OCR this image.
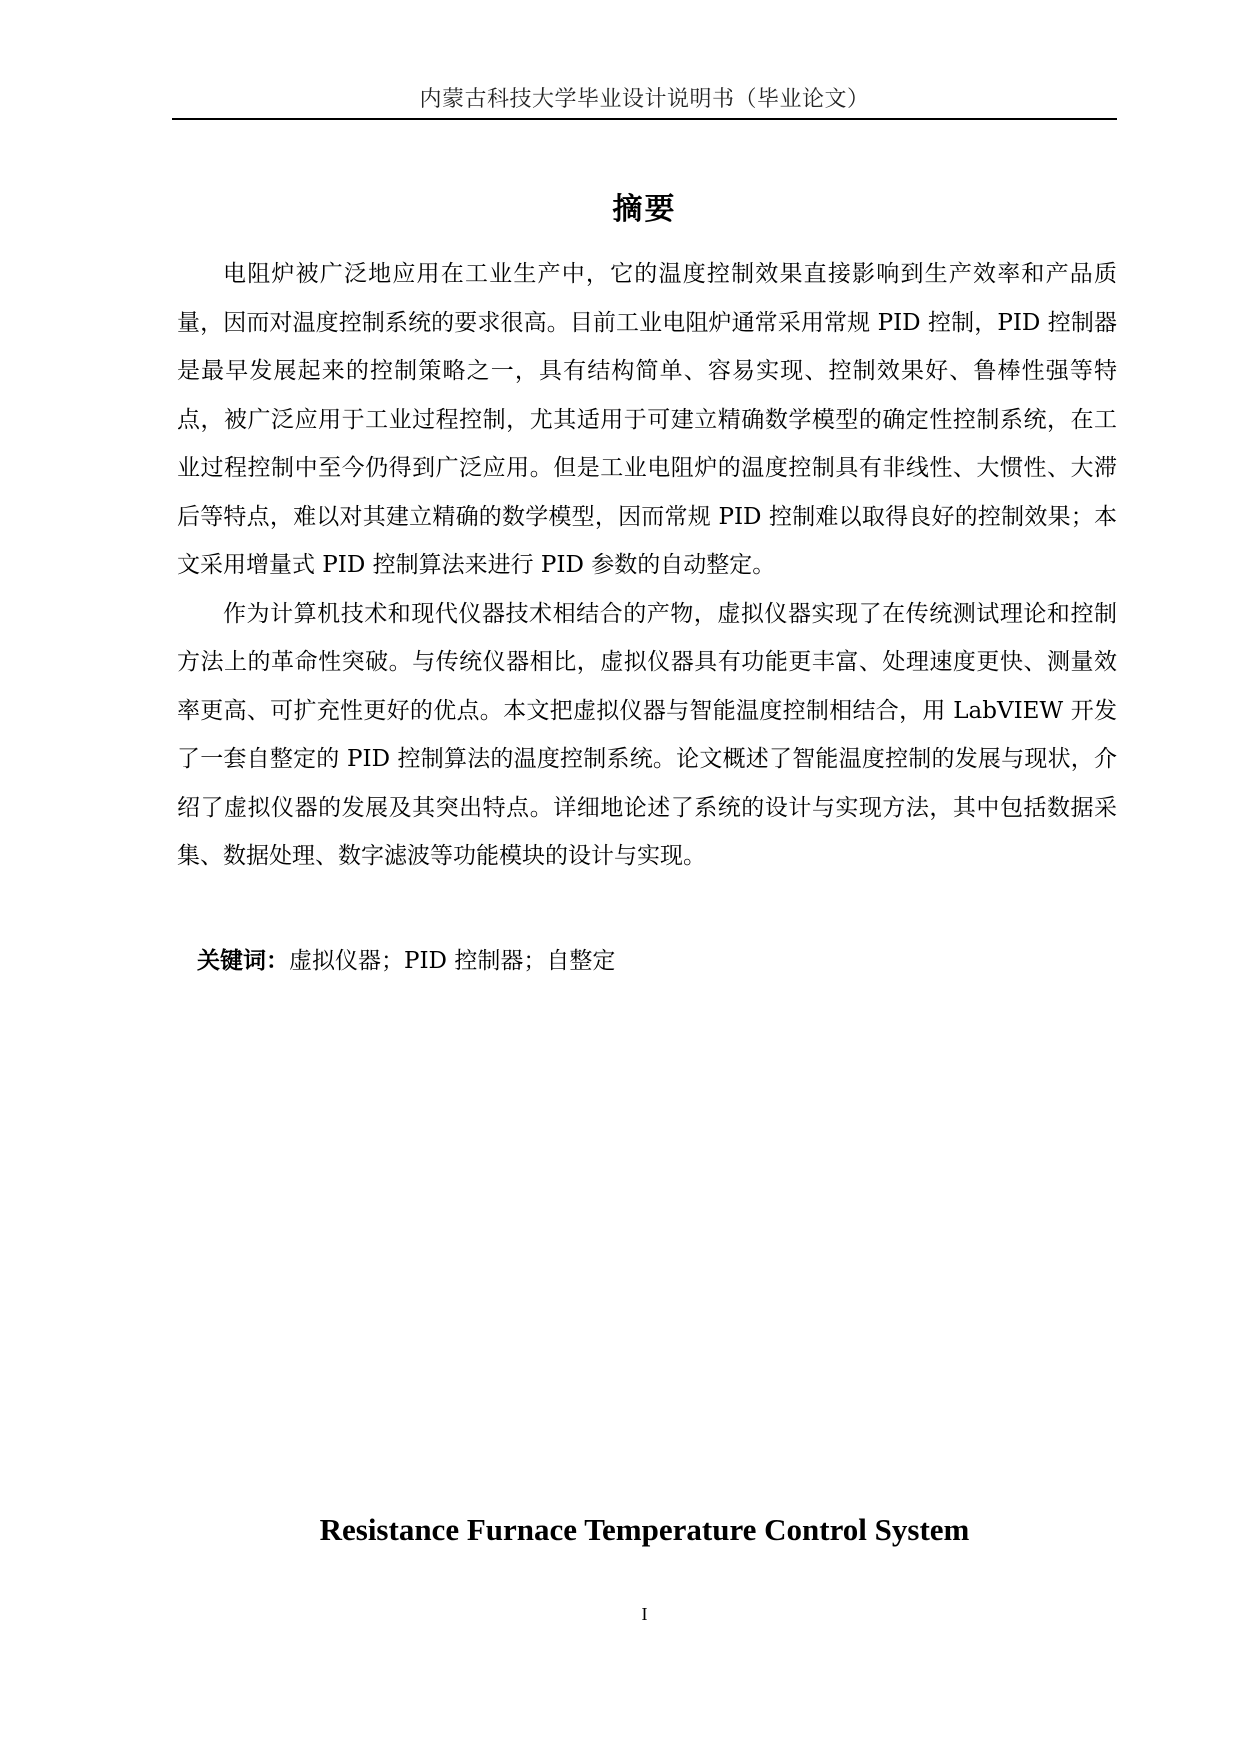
内蒙古科技大学毕业设计说明书（毕业论文）
摘要

电阻炉被广泛地应用在工业生产中，它的温度控制效果直接影响到生产效率和产品质量，因而对温度控制系统的要求很高。目前工业电阻炉通常采用常规 PID 控制，PID 控制器是最早发展起来的控制策略之一，具有结构简单、容易实现、控制效果好、鲁棒性强等特点，被广泛应用于工业过程控制，尤其适用于可建立精确数学模型的确定性控制系统，在工业过程控制中至今仍得到广泛应用。但是工业电阻炉的温度控制具有非线性、大惯性、大滞后等特点，难以对其建立精确的数学模型，因而常规 PID 控制难以取得良好的控制效果；本文采用增量式 PID 控制算法来进行 PID 参数的自动整定。

作为计算机技术和现代仪器技术相结合的产物，虚拟仪器实现了在传统测试理论和控制方法上的革命性突破。与传统仪器相比，虚拟仪器具有功能更丰富、处理速度更快、测量效率更高、可扩充性更好的优点。本文把虚拟仪器与智能温度控制相结合，用 LabVIEW 开发了一套自整定的 PID 控制算法的温度控制系统。论文概述了智能温度控制的发展与现状，介绍了虚拟仪器的发展及其突出特点。详细地论述了系统的设计与实现方法，其中包括数据采集、数据处理、数字滤波等功能模块的设计与实现。

关键词：虚拟仪器；PID 控制器；自整定
Resistance Furnace Temperature Control System
I
